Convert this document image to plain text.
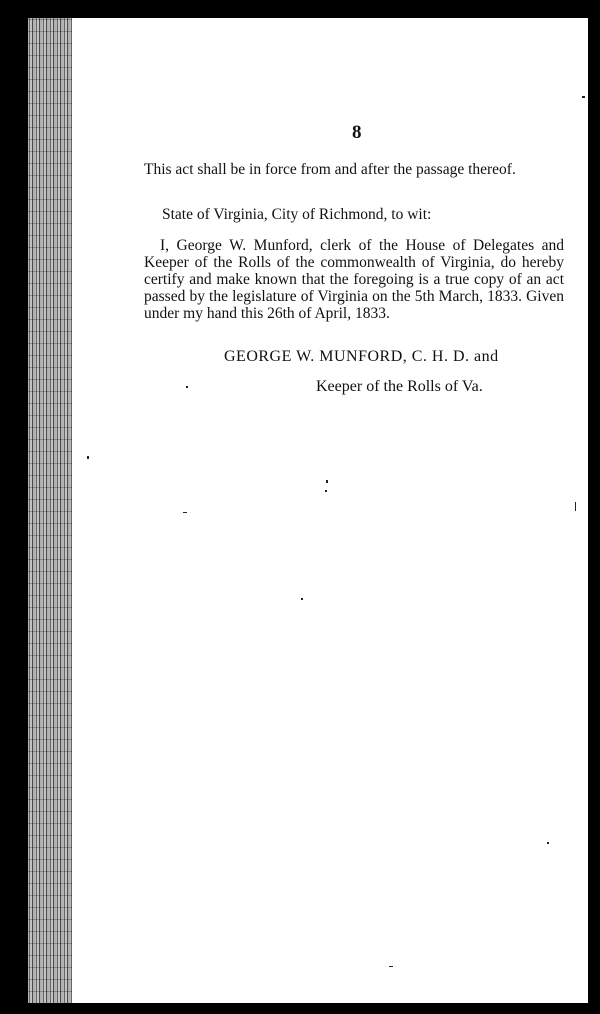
8

This act shall be in force from and after the passage thereof.

State of Virginia, City of Richmond, to wit:

I, George W. Munford, clerk of the House of Delegates and Keeper of the Rolls of the commonwealth of Virginia, do hereby certify and make known that the foregoing is a true copy of an act passed by the legislature of Virginia on the 5th March, 1833. Given under my hand this 26th of April, 1833.

GEORGE W. MUNFORD, C. H. D. and
Keeper of the Rolls of Va.
